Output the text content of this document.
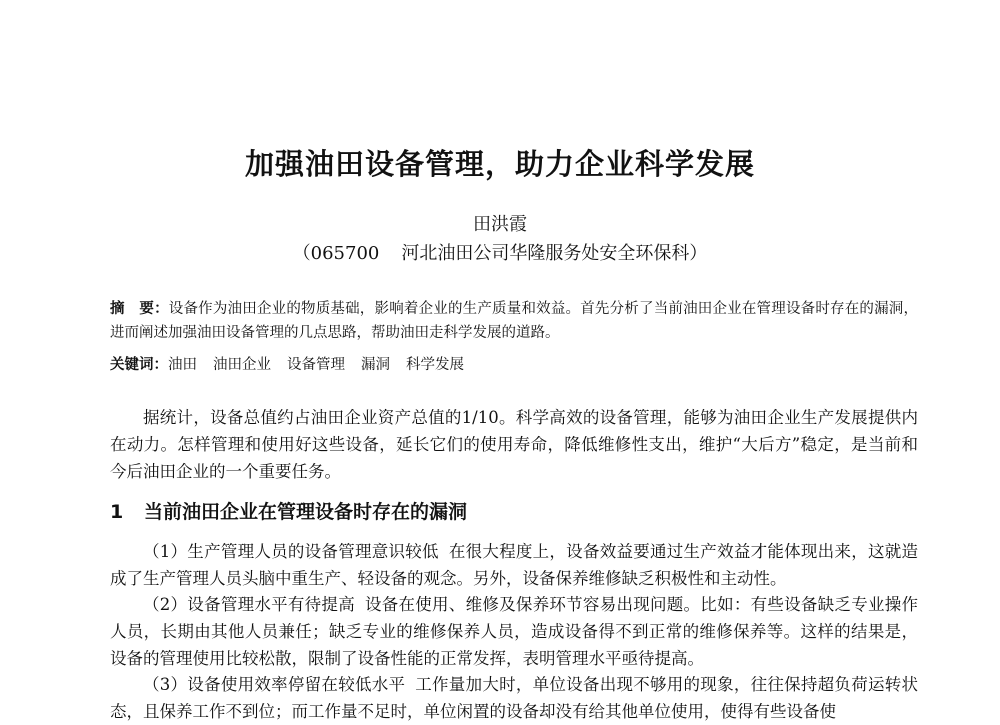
加强油田设备管理，助力企业科学发展
田洪霞
（065700 河北油田公司华隆服务处安全环保科）
摘　要：设备作为油田企业的物质基础，影响着企业的生产质量和效益。首先分析了当前油田企业在管理设备时存在的漏洞，进而阐述加强油田设备管理的几点思路，帮助油田走科学发展的道路。
关键词：油田 油田企业 设备管理 漏洞 科学发展
据统计，设备总值约占油田企业资产总值的1/10。科学高效的设备管理，能够为油田企业生产发展提供内在动力。怎样管理和使用好这些设备，延长它们的使用寿命，降低维修性支出，维护“大后方”稳定，是当前和今后油田企业的一个重要任务。
1 当前油田企业在管理设备时存在的漏洞
（1）生产管理人员的设备管理意识较低 在很大程度上，设备效益要通过生产效益才能体现出来，这就造成了生产管理人员头脑中重生产、轻设备的观念。另外，设备保养维修缺乏积极性和主动性。
（2）设备管理水平有待提高 设备在使用、维修及保养环节容易出现问题。比如：有些设备缺乏专业操作人员，长期由其他人员兼任；缺乏专业的维修保养人员，造成设备得不到正常的维修保养等。这样的结果是，设备的管理使用比较松散，限制了设备性能的正常发挥，表明管理水平亟待提高。
（3）设备使用效率停留在较低水平 工作量加大时，单位设备出现不够用的现象，往往保持超负荷运转状态，且保养工作不到位；而工作量不足时，单位闲置的设备却没有给其他单位使用，使得有些设备使
